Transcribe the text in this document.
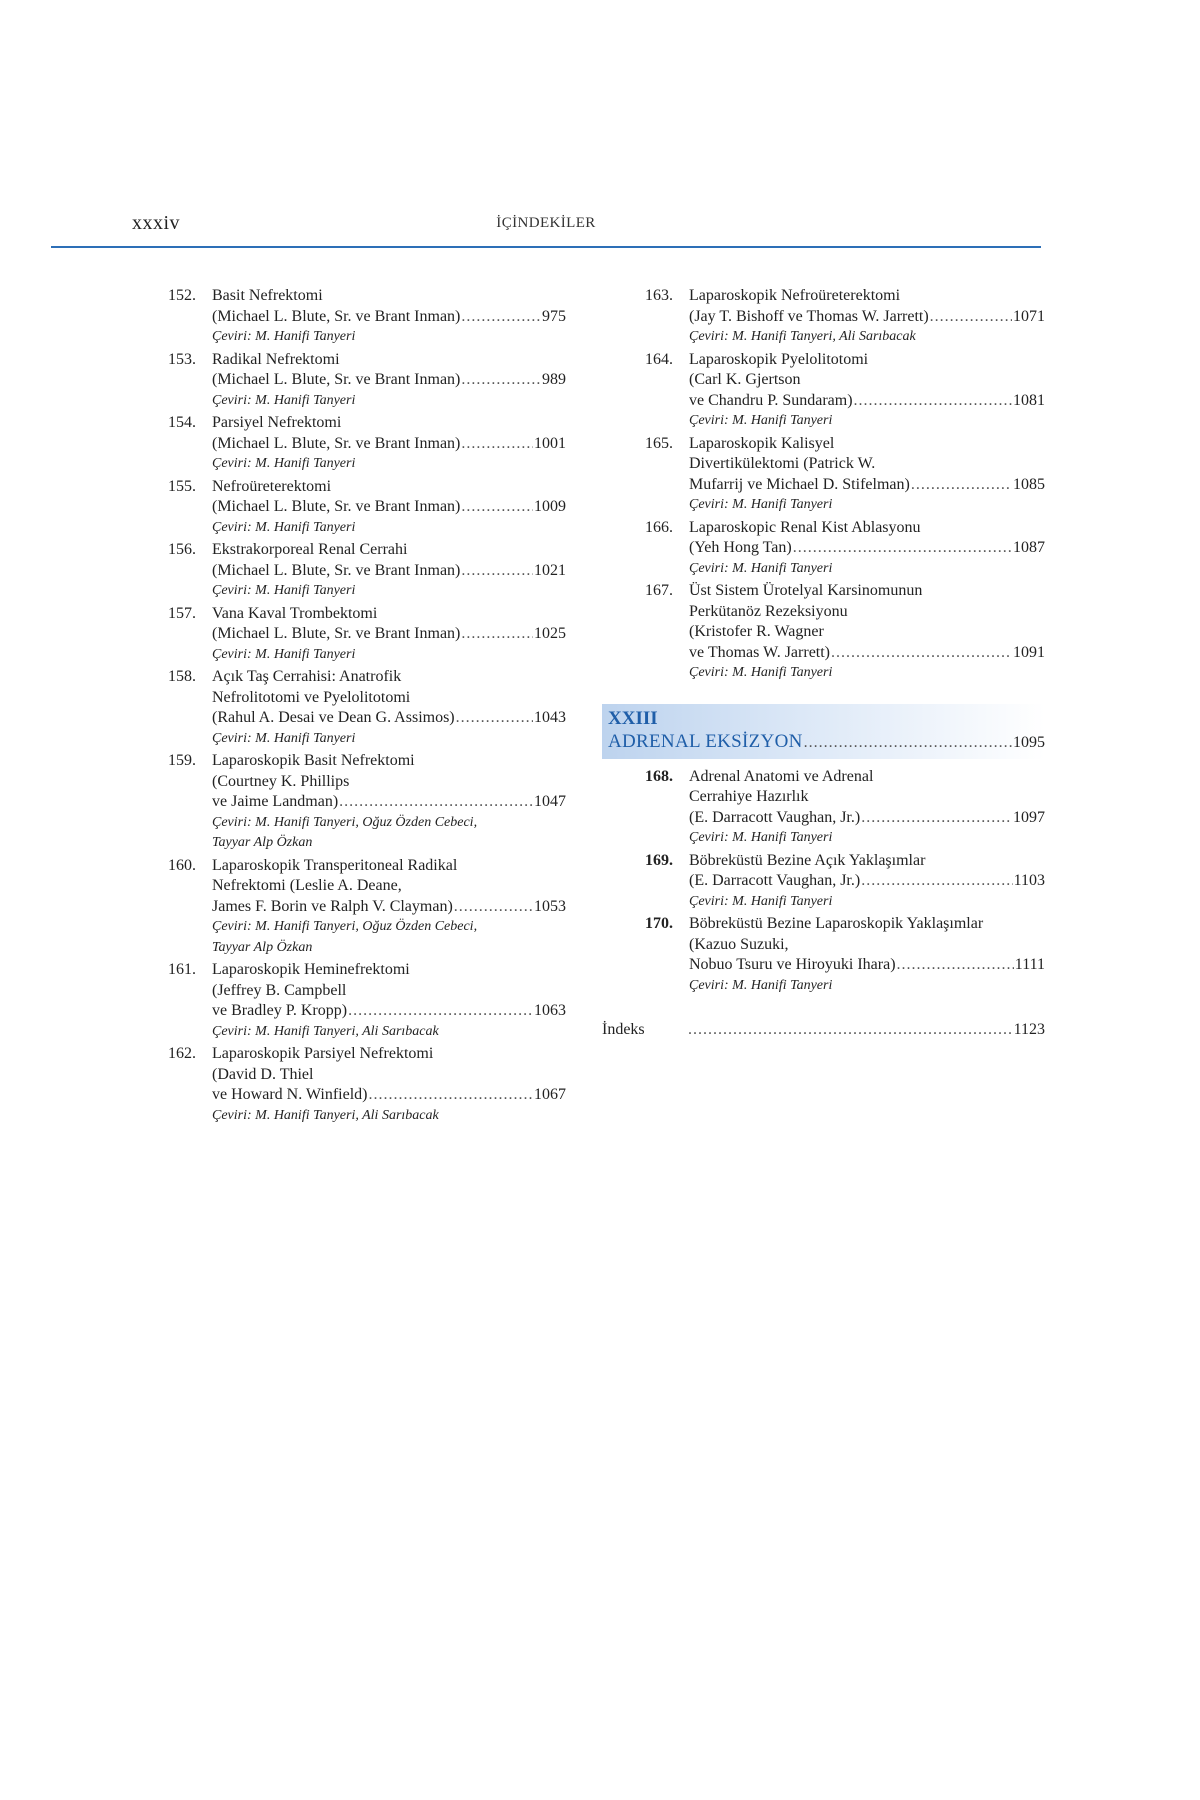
xxxiv	İÇİNDEKİLER
152. Basit Nefrektomi
(Michael L. Blute, Sr. ve Brant Inman) .....	975
Çeviri: M. Hanifi Tanyeri
153. Radikal Nefrektomi
(Michael L. Blute, Sr. ve Brant Inman) .....	989
Çeviri: M. Hanifi Tanyeri
154. Parsiyel Nefrektomi
(Michael L. Blute, Sr. ve Brant Inman) .....	1001
Çeviri: M. Hanifi Tanyeri
155. Nefroüreterektomi
(Michael L. Blute, Sr. ve Brant Inman) .....	1009
Çeviri: M. Hanifi Tanyeri
156. Ekstrakorporeal Renal Cerrahi
(Michael L. Blute, Sr. ve Brant Inman) .....	1021
Çeviri: M. Hanifi Tanyeri
157. Vana Kaval Trombektomi
(Michael L. Blute, Sr. ve Brant Inman) .....	1025
Çeviri: M. Hanifi Tanyeri
158. Açık Taş Cerrahisi: Anatrofik
Nefrolitotomi ve Pyelolitotomi
(Rahul A. Desai ve Dean G. Assimos) .....	1043
Çeviri: M. Hanifi Tanyeri
159. Laparoskopik Basit Nefrektomi
(Courtney K. Phillips
ve Jaime Landman) .....	1047
Çeviri: M. Hanifi Tanyeri, Oğuz Özden Cebeci,
Tayyar Alp Özkan
160. Laparoskopik Transperitoneal Radikal
Nefrektomi (Leslie A. Deane,
James F. Borin ve Ralph V. Clayman) .....	1053
Çeviri: M. Hanifi Tanyeri, Oğuz Özden Cebeci,
Tayyar Alp Özkan
161. Laparoskopik Heminefrektomi
(Jeffrey B. Campbell
ve Bradley P. Kropp) .....	1063
Çeviri: M. Hanifi Tanyeri, Ali Sarıbacak
162. Laparoskopik Parsiyel Nefrektomi
(David D. Thiel
ve Howard N. Winfield) .....	1067
Çeviri: M. Hanifi Tanyeri, Ali Sarıbacak
163. Laparoskopik Nefroüreterektomi
(Jay T. Bishoff ve Thomas W. Jarrett) .....	1071
Çeviri: M. Hanifi Tanyeri, Ali Sarıbacak
164. Laparoskopik Pyelolitotomi
(Carl K. Gjertson
ve Chandru P. Sundaram) .....	1081
Çeviri: M. Hanifi Tanyeri
165. Laparoskopik Kalisyel
Divertikülektomi (Patrick W.
Mufarrij ve Michael D. Stifelman) .....	1085
Çeviri: M. Hanifi Tanyeri
166. Laparoskopic Renal Kist Ablasyonu
(Yeh Hong Tan) .....	1087
Çeviri: M. Hanifi Tanyeri
167. Üst Sistem Ürotelyal Karsinomunun
Perkütanöz Rezeksiyonu
(Kristofer R. Wagner
ve Thomas W. Jarrett) .....	1091
Çeviri: M. Hanifi Tanyeri
XXIII
ADRENAL EKSİZYON .....	1095
168. Adrenal Anatomi ve Adrenal
Cerrahiye Hazırlık
(E. Darracott Vaughan, Jr.) .....	1097
Çeviri: M. Hanifi Tanyeri
169. Böbreküstü Bezine Açık Yaklaşımlar
(E. Darracott Vaughan, Jr.) .....	1103
Çeviri: M. Hanifi Tanyeri
170. Böbreküstü Bezine Laparoskopik Yaklaşımlar
(Kazuo Suzuki,
Nobuo Tsuru ve Hiroyuki Ihara) .....	1111
Çeviri: M. Hanifi Tanyeri
İndeks .....	1123
